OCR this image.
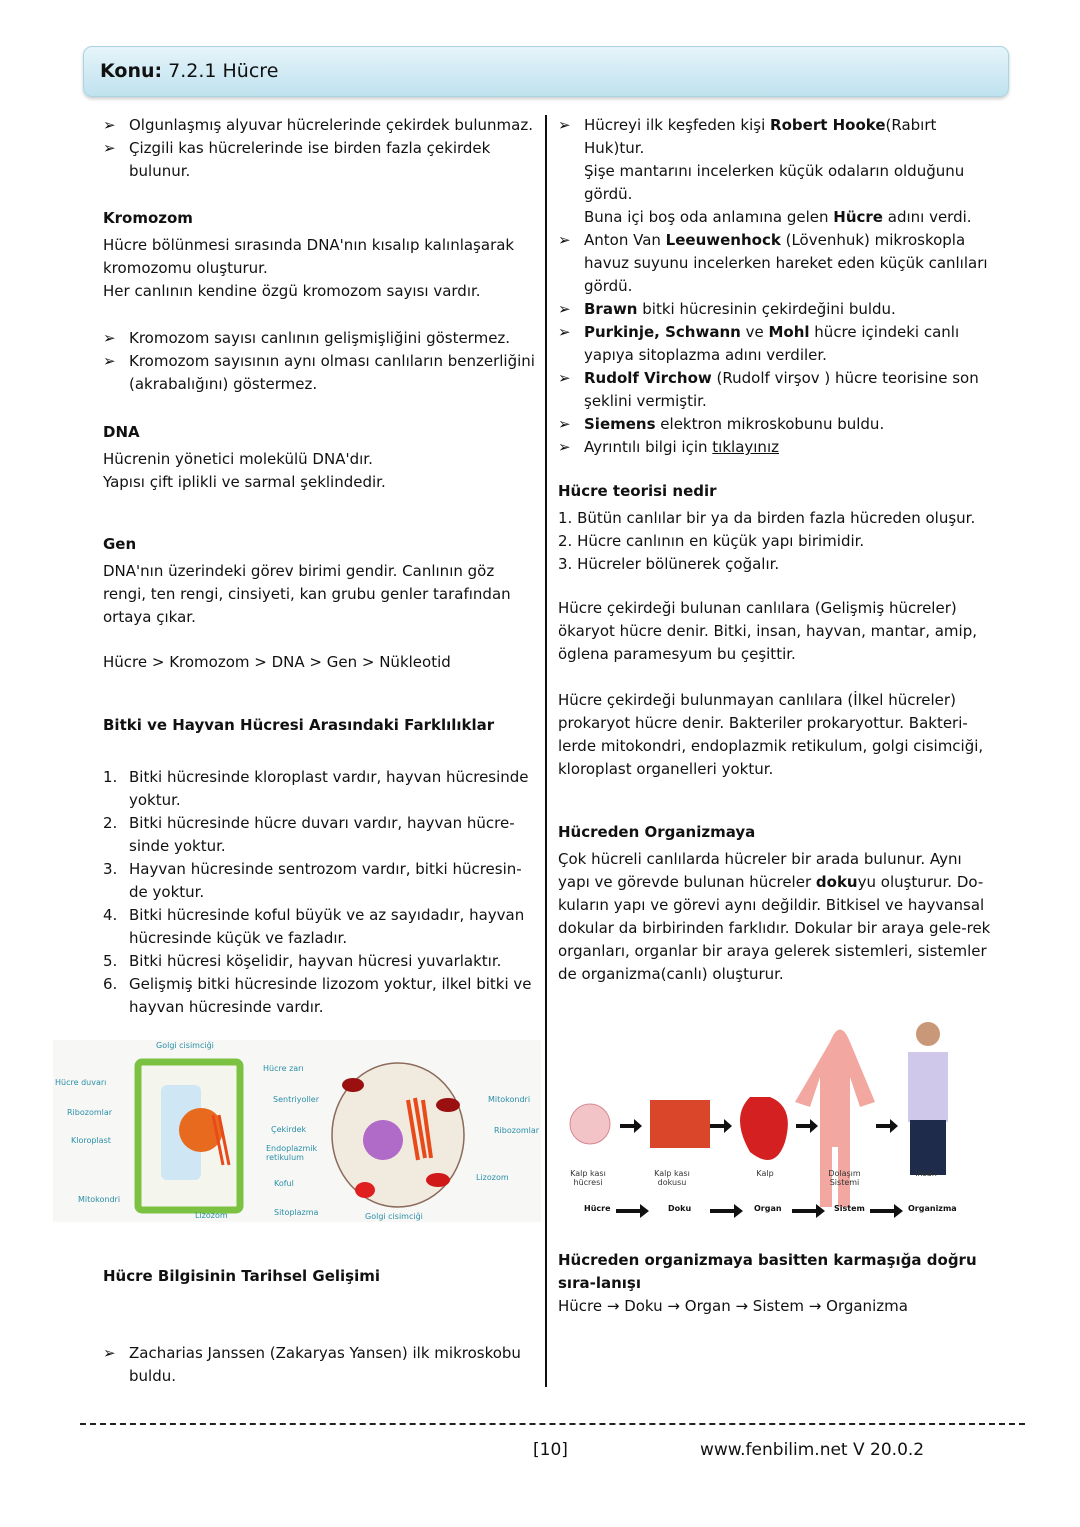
Konu: 7.2.1 Hücre
➢ Olgunlaşmış alyuvar hücrelerinde çekirdek bulunmaz.
➢ Çizgili kas hücrelerinde ise birden fazla çekirdek bulunur.
Kromozom
Hücre bölünmesi sırasında DNA'nın kısalıp kalınlaşarak kromozomu oluşturur.
Her canlının kendine özgü kromozom sayısı vardır.
➢ Kromozom sayısı canlının gelişmişliğini göstermez.
➢ Kromozom sayısının aynı olması canlıların benzerliğini (akrabalığını) göstermez.
DNA
Hücrenin yönetici molekülü DNA'dır.
Yapısı çift iplikli ve sarmal şeklindedir.
Gen
DNA'nın üzerindeki görev birimi gendir. Canlının göz rengi, ten rengi, cinsiyeti, kan grubu genler tarafından ortaya çıkar.
Hücre > Kromozom > DNA > Gen > Nükleotid
Bitki ve Hayvan Hücresi Arasındaki Farklılıklar
1. Bitki hücresinde kloroplast vardır, hayvan hücresinde yoktur.
2. Bitki hücresinde hücre duvarı vardır, hayvan hücre-sinde yoktur.
3. Hayvan hücresinde sentrozom vardır, bitki hücresin-de yoktur.
4. Bitki hücresinde koful büyük ve az sayıdadır, hayvan hücresinde küçük ve fazladır.
5. Bitki hücresi köşelidir, hayvan hücresi yuvarlaktır.
6. Gelişmiş bitki hücresinde lizozom yoktur, ilkel bitki ve hayvan hücresinde vardır.
Golgi cisimciği
Hücre duvarı
Ribozomlar
Kloroplast
Mitokondri
Lizozom
Hücre zarı
Sentriyoller
Çekirdek
Endoplazmik retikulum
Koful
Sitoplazma	Golgi cisimciği
Mitokondri
Ribozomlar
Lizozom
Hücre Bilgisinin Tarihsel Gelişimi
➢ Zacharias Janssen (Zakaryas Yansen) ilk mikroskobu buldu.
➢ Hücreyi ilk keşfeden kişi Robert Hooke(Rabırt Huk)tur.
Şişe mantarını incelerken küçük odaların olduğunu gördü.
Buna içi boş oda anlamına gelen Hücre adını verdi.
➢ Anton Van Leeuwenhock (Lövenhuk) mikroskopla havuz suyunu incelerken hareket eden küçük canlıları gördü.
➢ Brawn bitki hücresinin çekirdeğini buldu.
➢ Purkinje, Schwann ve Mohl hücre içindeki canlı yapıya sitoplazma adını verdiler.
➢ Rudolf Virchow (Rudolf virşov ) hücre teorisine son şeklini vermiştir.
➢ Siemens elektron mikroskobunu buldu.
➢ Ayrıntılı bilgi için tıklayınız
Hücre teorisi nedir
1. Bütün canlılar bir ya da birden fazla hücreden oluşur.
2. Hücre canlının en küçük yapı birimidir.
3. Hücreler bölünerek çoğalır.
Hücre çekirdeği bulunan canlılara (Gelişmiş hücreler) ökaryot hücre denir. Bitki, insan, hayvan, mantar, amip, öglena paramesyum bu çeşittir.
Hücre çekirdeği bulunmayan canlılara (İlkel hücreler) prokaryot hücre denir. Bakteriler prokaryottur. Bakteri-lerde mitokondri, endoplazmik retikulum, golgi cisimciği, kloroplast organelleri yoktur.
Hücreden Organizmaya
Çok hücreli canlılarda hücreler bir arada bulunur. Aynı yapı ve görevde bulunan hücreler dokuyu oluşturur. Do-kuların yapı ve görevi aynı değildir. Bitkisel ve hayvansal dokular da birbirinden farklıdır. Dokular bir araya gele-rek organları, organlar bir araya gelerek sistemleri, sistemler de organizma(canlı) oluşturur.
Kalp kası hücresi
Kalp kası dokusu
Kalp	Dolaşım Sistemi
İnsan
Hücre	Doku	Organ	Sistem	Organizma
Hücreden organizmaya basitten karmaşığa doğru sıra-lanışı
Hücre → Doku → Organ → Sistem → Organizma
[10]	www.fenbilim.net V 20.0.2
